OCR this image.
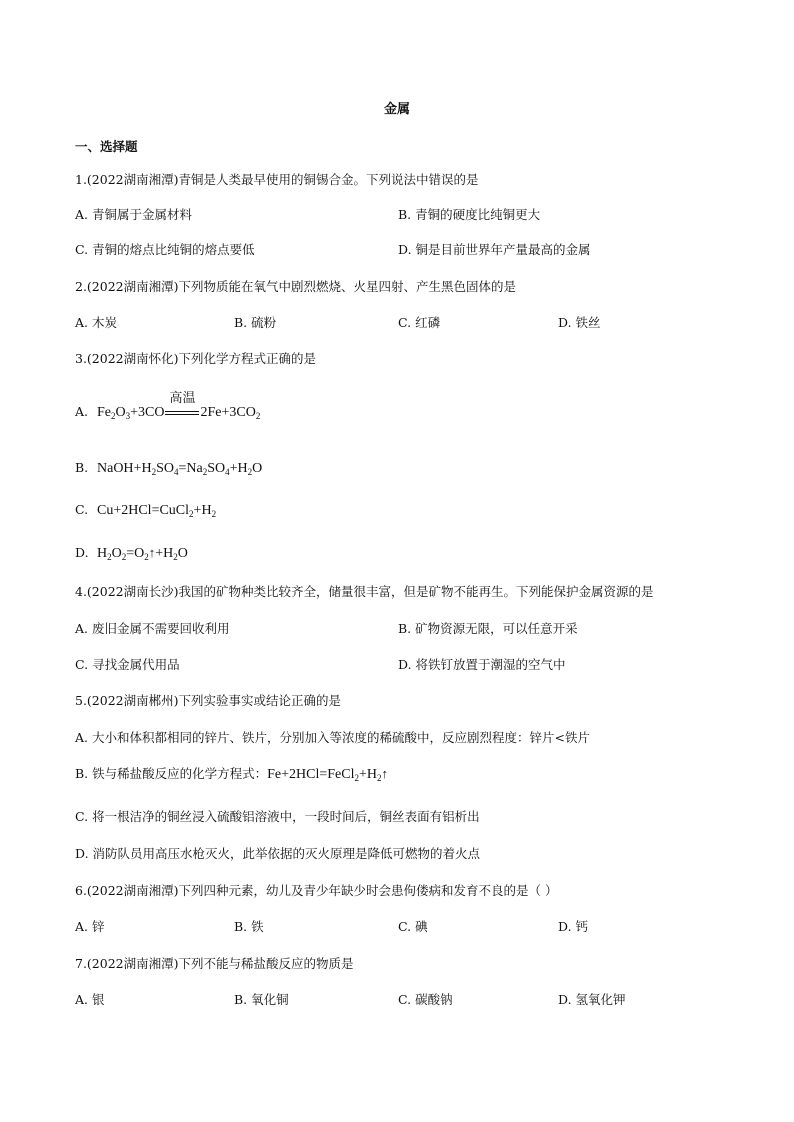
金属
一、选择题
1.(2022湖南湘潭)青铜是人类最早使用的铜锡合金。下列说法中错误的是
A. 青铜属于金属材料	B. 青铜的硬度比纯铜更大
C. 青铜的熔点比纯铜的熔点要低	D. 铜是目前世界年产量最高的金属
2.(2022湖南湘潭)下列物质能在氧气中剧烈燃烧、火星四射、产生黑色固体的是
A. 木炭	B. 硫粉	C. 红磷	D. 铁丝
3.(2022湖南怀化)下列化学方程式正确的是
A. $Fe_2O_3+3CO$
高温
$2Fe+3CO_2$
B. $NaOH+H_2SO_4=Na_2SO_4+H_2O$
C. $Cu+2HCl=CuCl_2+H_2$
D. $H_2O_2=O_2↑+H_2O$
4.(2022湖南长沙)我国的矿物种类比较齐全，储量很丰富，但是矿物不能再生。下列能保护金属资源的是
A. 废旧金属不需要回收利用	B. 矿物资源无限，可以任意开采
C. 寻找金属代用品	D. 将铁钉放置于潮湿的空气中
5.(2022湖南郴州)下列实验事实或结论正确的是
A. 大小和体积都相同的锌片、铁片，分别加入等浓度的稀硫酸中，反应剧烈程度：锌片<铁片
B. 铁与稀盐酸反应的化学方程式： $Fe+2HCl=FeCl_2+H_2↑$
C. 将一根洁净的铜丝浸入硫酸铝溶液中，一段时间后，铜丝表面有铝析出
D. 消防队员用高压水枪灭火，此举依据的灭火原理是降低可燃物的着火点
6.(2022湖南湘潭)下列四种元素，幼儿及青少年缺少时会患佝偻病和发育不良的是（ ）
A. 锌	B. 铁	C. 碘	D. 钙
7.(2022湖南湘潭)下列不能与稀盐酸反应的物质是
A. 银	B. 氧化铜	C. 碳酸钠	D. 氢氧化钾
